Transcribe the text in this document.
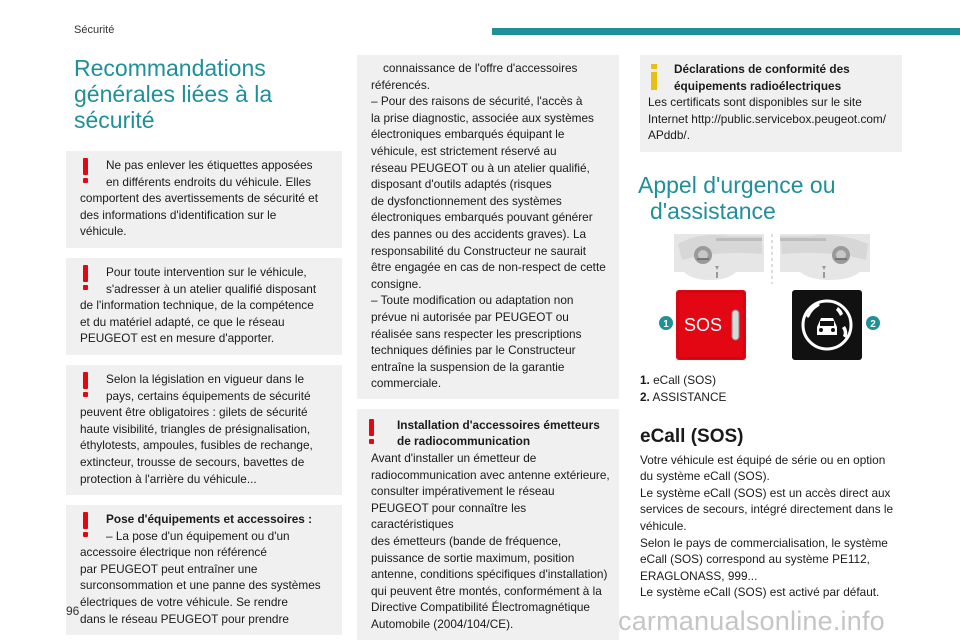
Sécurité
Recommandations
générales liées à la
sécurité
Ne pas enlever les étiquettes apposées
en différents endroits du véhicule. Elles
comportent des avertissements de sécurité et
des informations d'identification sur le
véhicule.
Pour toute intervention sur le véhicule,
s'adresser à un atelier qualifié disposant
de l'information technique, de la compétence
et du matériel adapté, ce que le réseau
PEUGEOT est en mesure d'apporter.
Selon la législation en vigueur dans le
pays, certains équipements de sécurité
peuvent être obligatoires : gilets de sécurité
haute visibilité, triangles de présignalisation,
éthylotests, ampoules, fusibles de rechange,
extincteur, trousse de secours, bavettes de
protection à l'arrière du véhicule...
Pose d'équipements et accessoires :
– La pose d'un équipement ou d'un
accessoire électrique non référencé
par PEUGEOT peut entraîner une
surconsommation et une panne des systèmes
électriques de votre véhicule. Se rendre
dans le réseau PEUGEOT pour prendre
connaissance de l'offre d'accessoires
référencés.
– Pour des raisons de sécurité, l'accès à
la prise diagnostic, associée aux systèmes
électroniques embarqués équipant le
véhicule, est strictement réservé au
réseau PEUGEOT ou à un atelier qualifié,
disposant d'outils adaptés (risques
de dysfonctionnement des systèmes
électroniques embarqués pouvant générer
des pannes ou des accidents graves). La
responsabilité du Constructeur ne saurait
être engagée en cas de non-respect de cette
consigne.
– Toute modification ou adaptation non
prévue ni autorisée par PEUGEOT ou
réalisée sans respecter les prescriptions
techniques définies par le Constructeur
entraîne la suspension de la garantie
commerciale.
Installation d'accessoires émetteurs
de radiocommunication
Avant d'installer un émetteur de
radiocommunication avec antenne extérieure,
consulter impérativement le réseau
PEUGEOT pour connaître les caractéristiques
des émetteurs (bande de fréquence,
puissance de sortie maximum, position
antenne, conditions spécifiques d'installation)
qui peuvent être montés, conformément à la
Directive Compatibilité Électromagnétique
Automobile (2004/104/CE).
Déclarations de conformité des
équipements radioélectriques
Les certificats sont disponibles sur le site
Internet http://public.servicebox.peugeot.com/
APddb/.
Appel d'urgence ou
d'assistance
SOS
1	2
1. eCall (SOS)
2. ASSISTANCE
eCall (SOS)
Votre véhicule est équipé de série ou en option
du système eCall (SOS).
Le système eCall (SOS) est un accès direct aux
services de secours, intégré directement dans le
véhicule.
Selon le pays de commercialisation, le système
eCall (SOS) correspond au système PE112,
ERAGLONASS, 999...
Le système eCall (SOS) est activé par défaut.
96	carmanualsonline.info
